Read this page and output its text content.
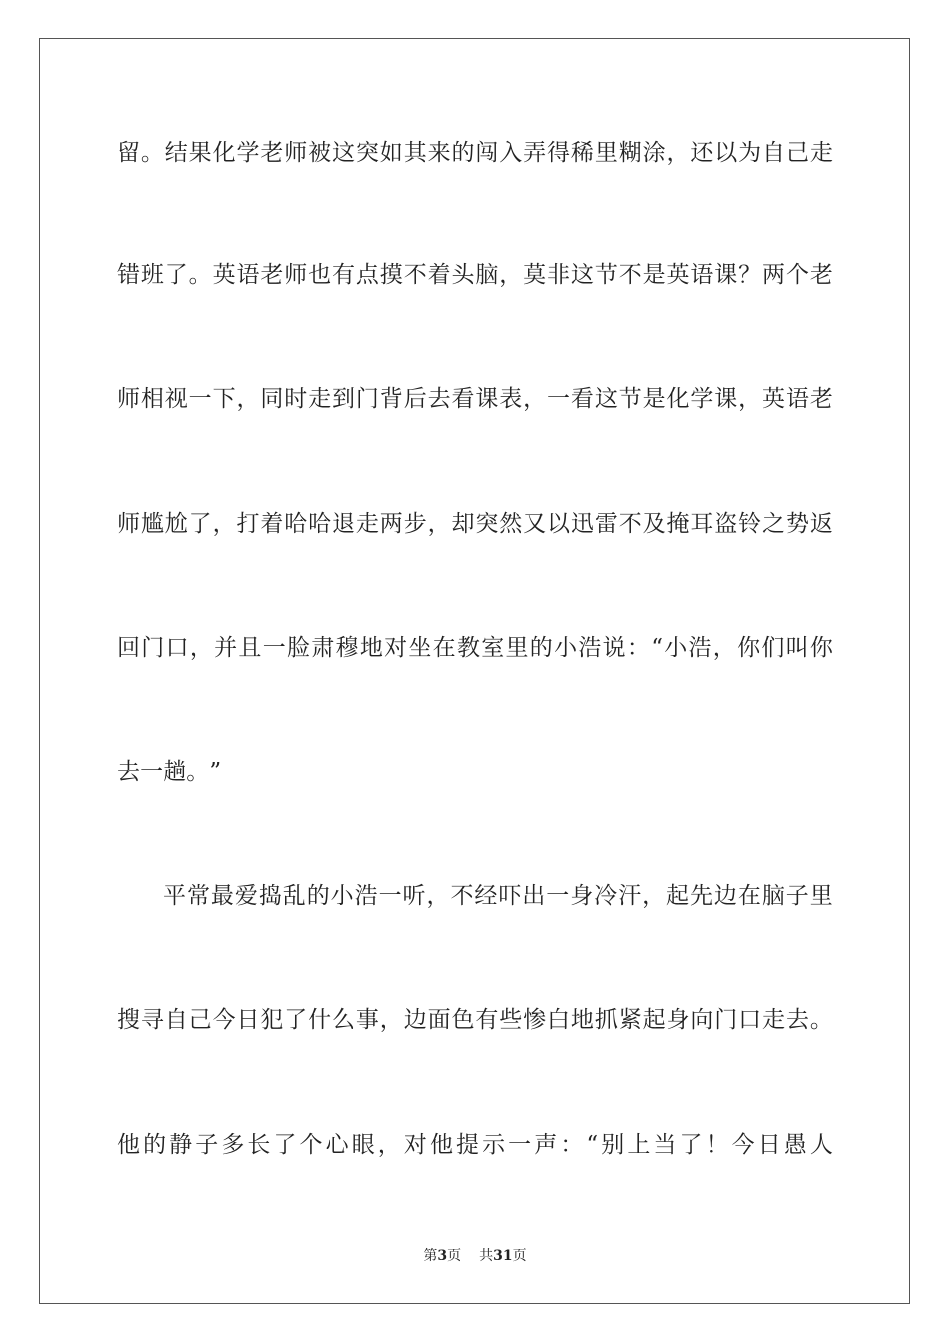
留 。 结 果 化 学 老 师 被 这 突 如 其 来 的 闯 入 弄 得 稀 里 糊 涂 ， 还 以 为 自 己 走
错 班 了 。 英 语 老 师 也 有 点 摸 不 着 头 脑 ， 莫 非 这 节 不 是 英 语 课 ？ 两 个 老
师 相 视 一 下 ， 同 时 走 到 门 背 后 去 看 课 表 ， 一 看 这 节 是 化 学 课 ， 英 语 老
师 尴 尬 了 ， 打 着 哈 哈 退 走 两 步 ， 却 突 然 又 以 迅 雷 不 及 掩 耳 盗 铃 之 势 返
回 门 口 ， 并 且 一 脸 肃 穆 地 对 坐 在 教 室 里 的 小 浩 说 ： “ 小 浩 ， 你 们 叫 你
去 一 趟 。 ”
平 常 最 爱 捣 乱 的 小 浩 一 听 ， 不 经 吓 出 一 身 冷 汗 ， 起 先 边 在 脑 子 里
搜 寻 自 己 今 日 犯 了 什 么 事 ， 边 面 色 有 些 惨 白 地 抓 紧 起 身 向 门 口 走 去 。
他 的 静 子 多 长 了 个 心 眼 ， 对 他 提 示 一 声 ： “ 别 上 当 了 ！ 今 日 愚 人
第3页 共31页
